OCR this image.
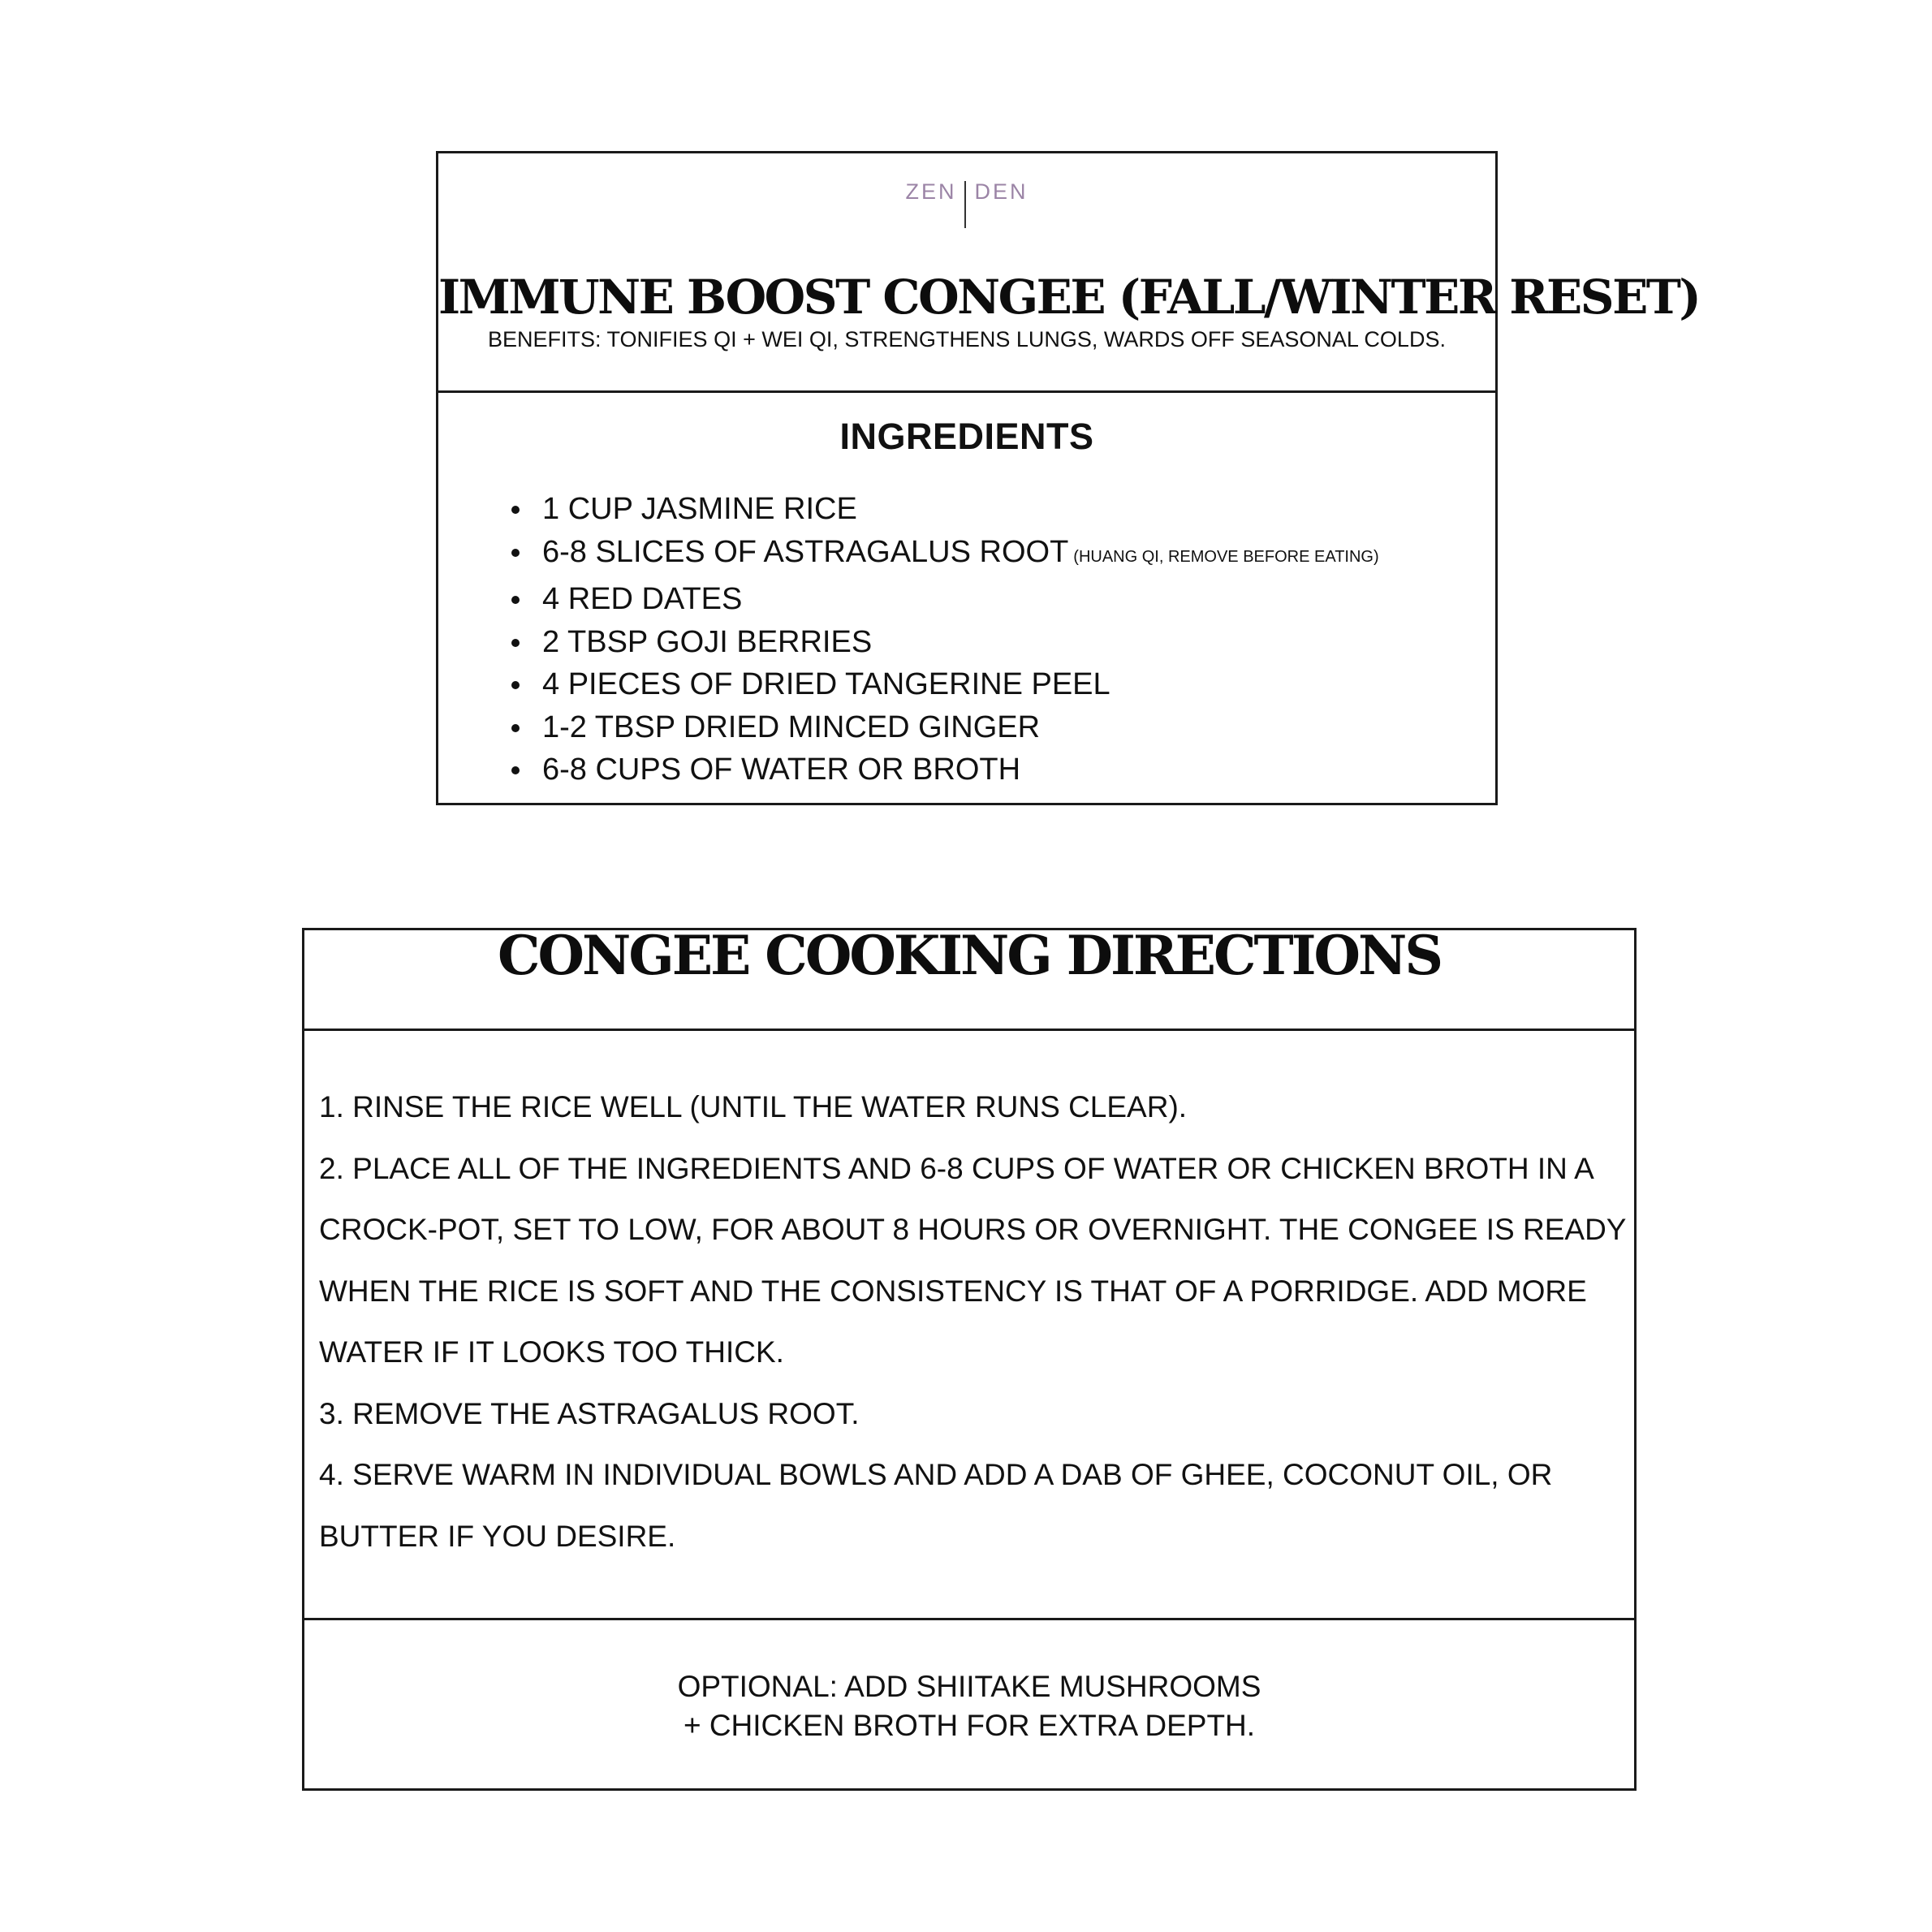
ZEN DEN
IMMUNE BOOST CONGEE (FALL/WINTER RESET)
BENEFITS: TONIFIES QI + WEI QI, STRENGTHENS LUNGS, WARDS OFF SEASONAL COLDS.
INGREDIENTS
1 CUP JASMINE RICE
6-8 SLICES OF ASTRAGALUS ROOT (HUANG QI, REMOVE BEFORE EATING)
4 RED DATES
2 TBSP GOJI BERRIES
4 PIECES OF DRIED TANGERINE PEEL
1-2 TBSP DRIED MINCED GINGER
6-8 CUPS OF WATER OR BROTH
CONGEE COOKING DIRECTIONS

1. RINSE THE RICE WELL (UNTIL THE WATER RUNS CLEAR).

2. PLACE ALL OF THE INGREDIENTS AND 6-8 CUPS OF WATER OR CHICKEN BROTH IN A CROCK-POT, SET TO LOW, FOR ABOUT 8 HOURS OR OVERNIGHT. THE CONGEE IS READY WHEN THE RICE IS SOFT AND THE CONSISTENCY IS THAT OF A PORRIDGE. ADD MORE WATER IF IT LOOKS TOO THICK.

3. REMOVE THE ASTRAGALUS ROOT.

4. SERVE WARM IN INDIVIDUAL BOWLS AND ADD A DAB OF GHEE, COCONUT OIL, OR BUTTER IF YOU DESIRE.

OPTIONAL: ADD SHIITAKE MUSHROOMS
+ CHICKEN BROTH FOR EXTRA DEPTH.
